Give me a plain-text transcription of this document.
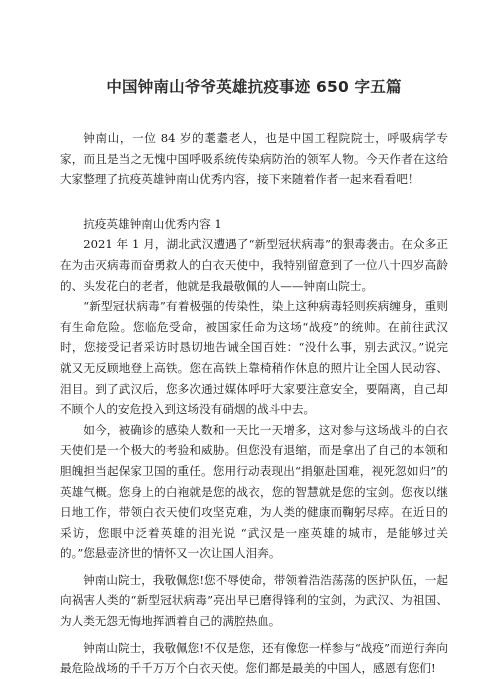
中国钟南山爷爷英雄抗疫事迹 650 字五篇

钟南山，一位 84 岁的耄耋老人，也是中国工程院院士，呼吸病学专家，而且是当之无愧中国呼吸系统传染病防治的领军人物。今天作者在这给大家整理了抗疫英雄钟南山优秀内容，接下来随着作者一起来看看吧！

抗疫英雄钟南山优秀内容 1

2021 年 1 月，湖北武汉遭遇了“新型冠状病毒”的狠毒袭击。在众多正在为击灭病毒而奋勇救人的白衣天使中，我特别留意到了一位八十四岁高龄的、头发花白的老者，他就是我最敬佩的人——钟南山院士。

“新型冠状病毒”有着极强的传染性，染上这种病毒轻则疾病缠身，重则有生命危险。您临危受命，被国家任命为这场“战疫”的统帅。在前往武汉时，您接受记者采访时恳切地告诫全国百姓：“没什么事，别去武汉。”说完就又无反顾地登上高铁。您在高铁上靠椅稍作休息的照片让全国人民动容、泪目。到了武汉后，您多次通过媒体呼吁大家要注意安全，要隔离，自己却不顾个人的安危投入到这场没有硝烟的战斗中去。

如今，被确诊的感染人数和一天比一天增多，这对参与这场战斗的白衣天使们是一个极大的考验和威胁。但您没有退缩，而是拿出了自己的本领和胆魄担当起保家卫国的重任。您用行动表现出“捐躯赴国难，视死忽如归”的英雄气概。您身上的白袍就是您的战衣，您的智慧就是您的宝剑。您夜以继日地工作，带领白衣天使们攻坚克难，为人类的健康而鞠躬尽瘁。在近日的采访，您眼中泛着英雄的泪光说 “武汉是一座英雄的城市，是能够过关的。”您悬壶济世的情怀又一次让国人泪奔。

钟南山院士，我敬佩您!您不辱使命，带领着浩浩荡荡的医护队伍，一起向祸害人类的“新型冠状病毒”亮出早已磨得锋利的宝剑，为武汉、为祖国、为人类无怨无悔地挥洒着自己的满腔热血。

钟南山院士，我敬佩您!不仅是您，还有像您一样参与“战疫”而逆行奔向最危险战场的千千万万个白衣天使。您们都是最美的中国人，感恩有您们!
